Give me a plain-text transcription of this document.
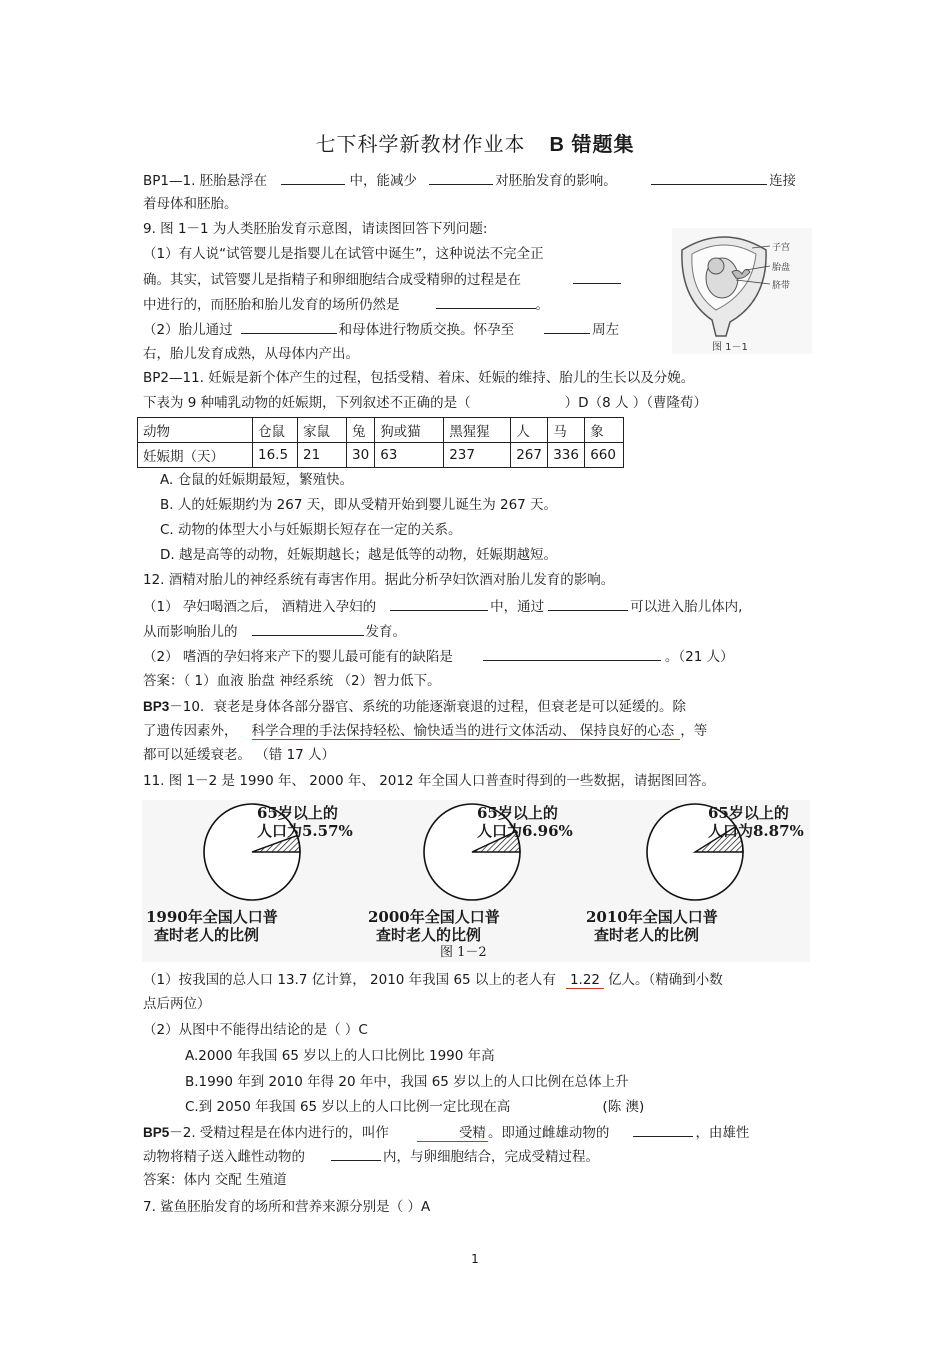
七下科学新教材作业本 B 错题集
BP1—1. 胚胎悬浮在	中，能减少	对胚胎发育的影响。	连接
着母体和胚胎。
9. 图 1－1 为人类胚胎发育示意图，请读图回答下列问题:
（1）有人说“试管婴儿是指婴儿在试管中诞生”，这种说法不完全正
确。其实，试管婴儿是指精子和卵细胞结合成受精卵的过程是在
中进行的，而胚胎和胎儿发育的场所仍然是	。
（2）胎儿通过	和母体进行物质交换。怀孕至	周左
右，胎儿发育成熟，从母体内产出。
子宫
胎盘
脐带
图 1－1
BP2—11. 妊娠是新个体产生的过程，包括受精、着床、妊娠的维持、胎儿的生长以及分娩。
下表为 9 种哺乳动物的妊娠期，下列叙述不正确的是（	）D（8 人 ）（曹隆荀）
动物	仓鼠	家鼠	兔	狗或猫	黑猩猩	人	马	象
妊娠期（天）	16.5	21	30	63	237	267	336	660
A. 仓鼠的妊娠期最短，繁殖快。
B. 人的妊娠期约为 267 天，即从受精开始到婴儿诞生为 267 天。
C. 动物的体型大小与妊娠期长短存在一定的关系。
D. 越是高等的动物，妊娠期越长；越是低等的动物，妊娠期越短。
12. 酒精对胎儿的神经系统有毒害作用。据此分析孕妇饮酒对胎儿发育的影响。
（1） 孕妇喝酒之后， 酒精进入孕妇的	中，通过	可以进入胎儿体内,
从而影响胎儿的	发育。
（2） 嗜酒的孕妇将来产下的婴儿最可能有的缺陷是	。（21 人）
答案：（ 1）血液 胎盘 神经系统 （2）智力低下。
BP3－10．衰老是身体各部分器官、系统的功能逐渐衰退的过程，但衰老是可以延缓的。除
了遗传因素外， 科学合理的手法保持轻松、愉快适当的进行文体活动、 保持良好的心态 ，等
都可以延缓衰老。 （错 17 人）
11. 图 1－2 是 1990 年、 2000 年、 2012 年全国人口普查时得到的一些数据，请据图回答。
65岁以上的
人口为5.57%
65岁以上的
人口为6.96%
65岁以上的
人口为8.87%
1990年全国人口普
查时老人的比例
2000年全国人口普
查时老人的比例
2010年全国人口普
查时老人的比例
图 1－2
（1）按我国的总人口 13.7 亿计算， 2010 年我国 65 以上的老人有 1.22 亿人。（精确到小数
点后两位）
（2）从图中不能得出结论的是（ ）C
A.2000 年我国 65 岁以上的人口比例比 1990 年高
B.1990 年到 2010 年得 20 年中，我国 65 岁以上的人口比例在总体上升
C.到 2050 年我国 65 岁以上的人口比例一定比现在高	(陈 澳)
BP5－2. 受精过程是在体内进行的，叫作	受精 。即通过雌雄动物的	，由雄性
动物将精子送入雌性动物的	内，与卵细胞结合，完成受精过程。
答案：体内 交配 生殖道
7. 鲨鱼胚胎发育的场所和营养来源分别是（ ）A
1
